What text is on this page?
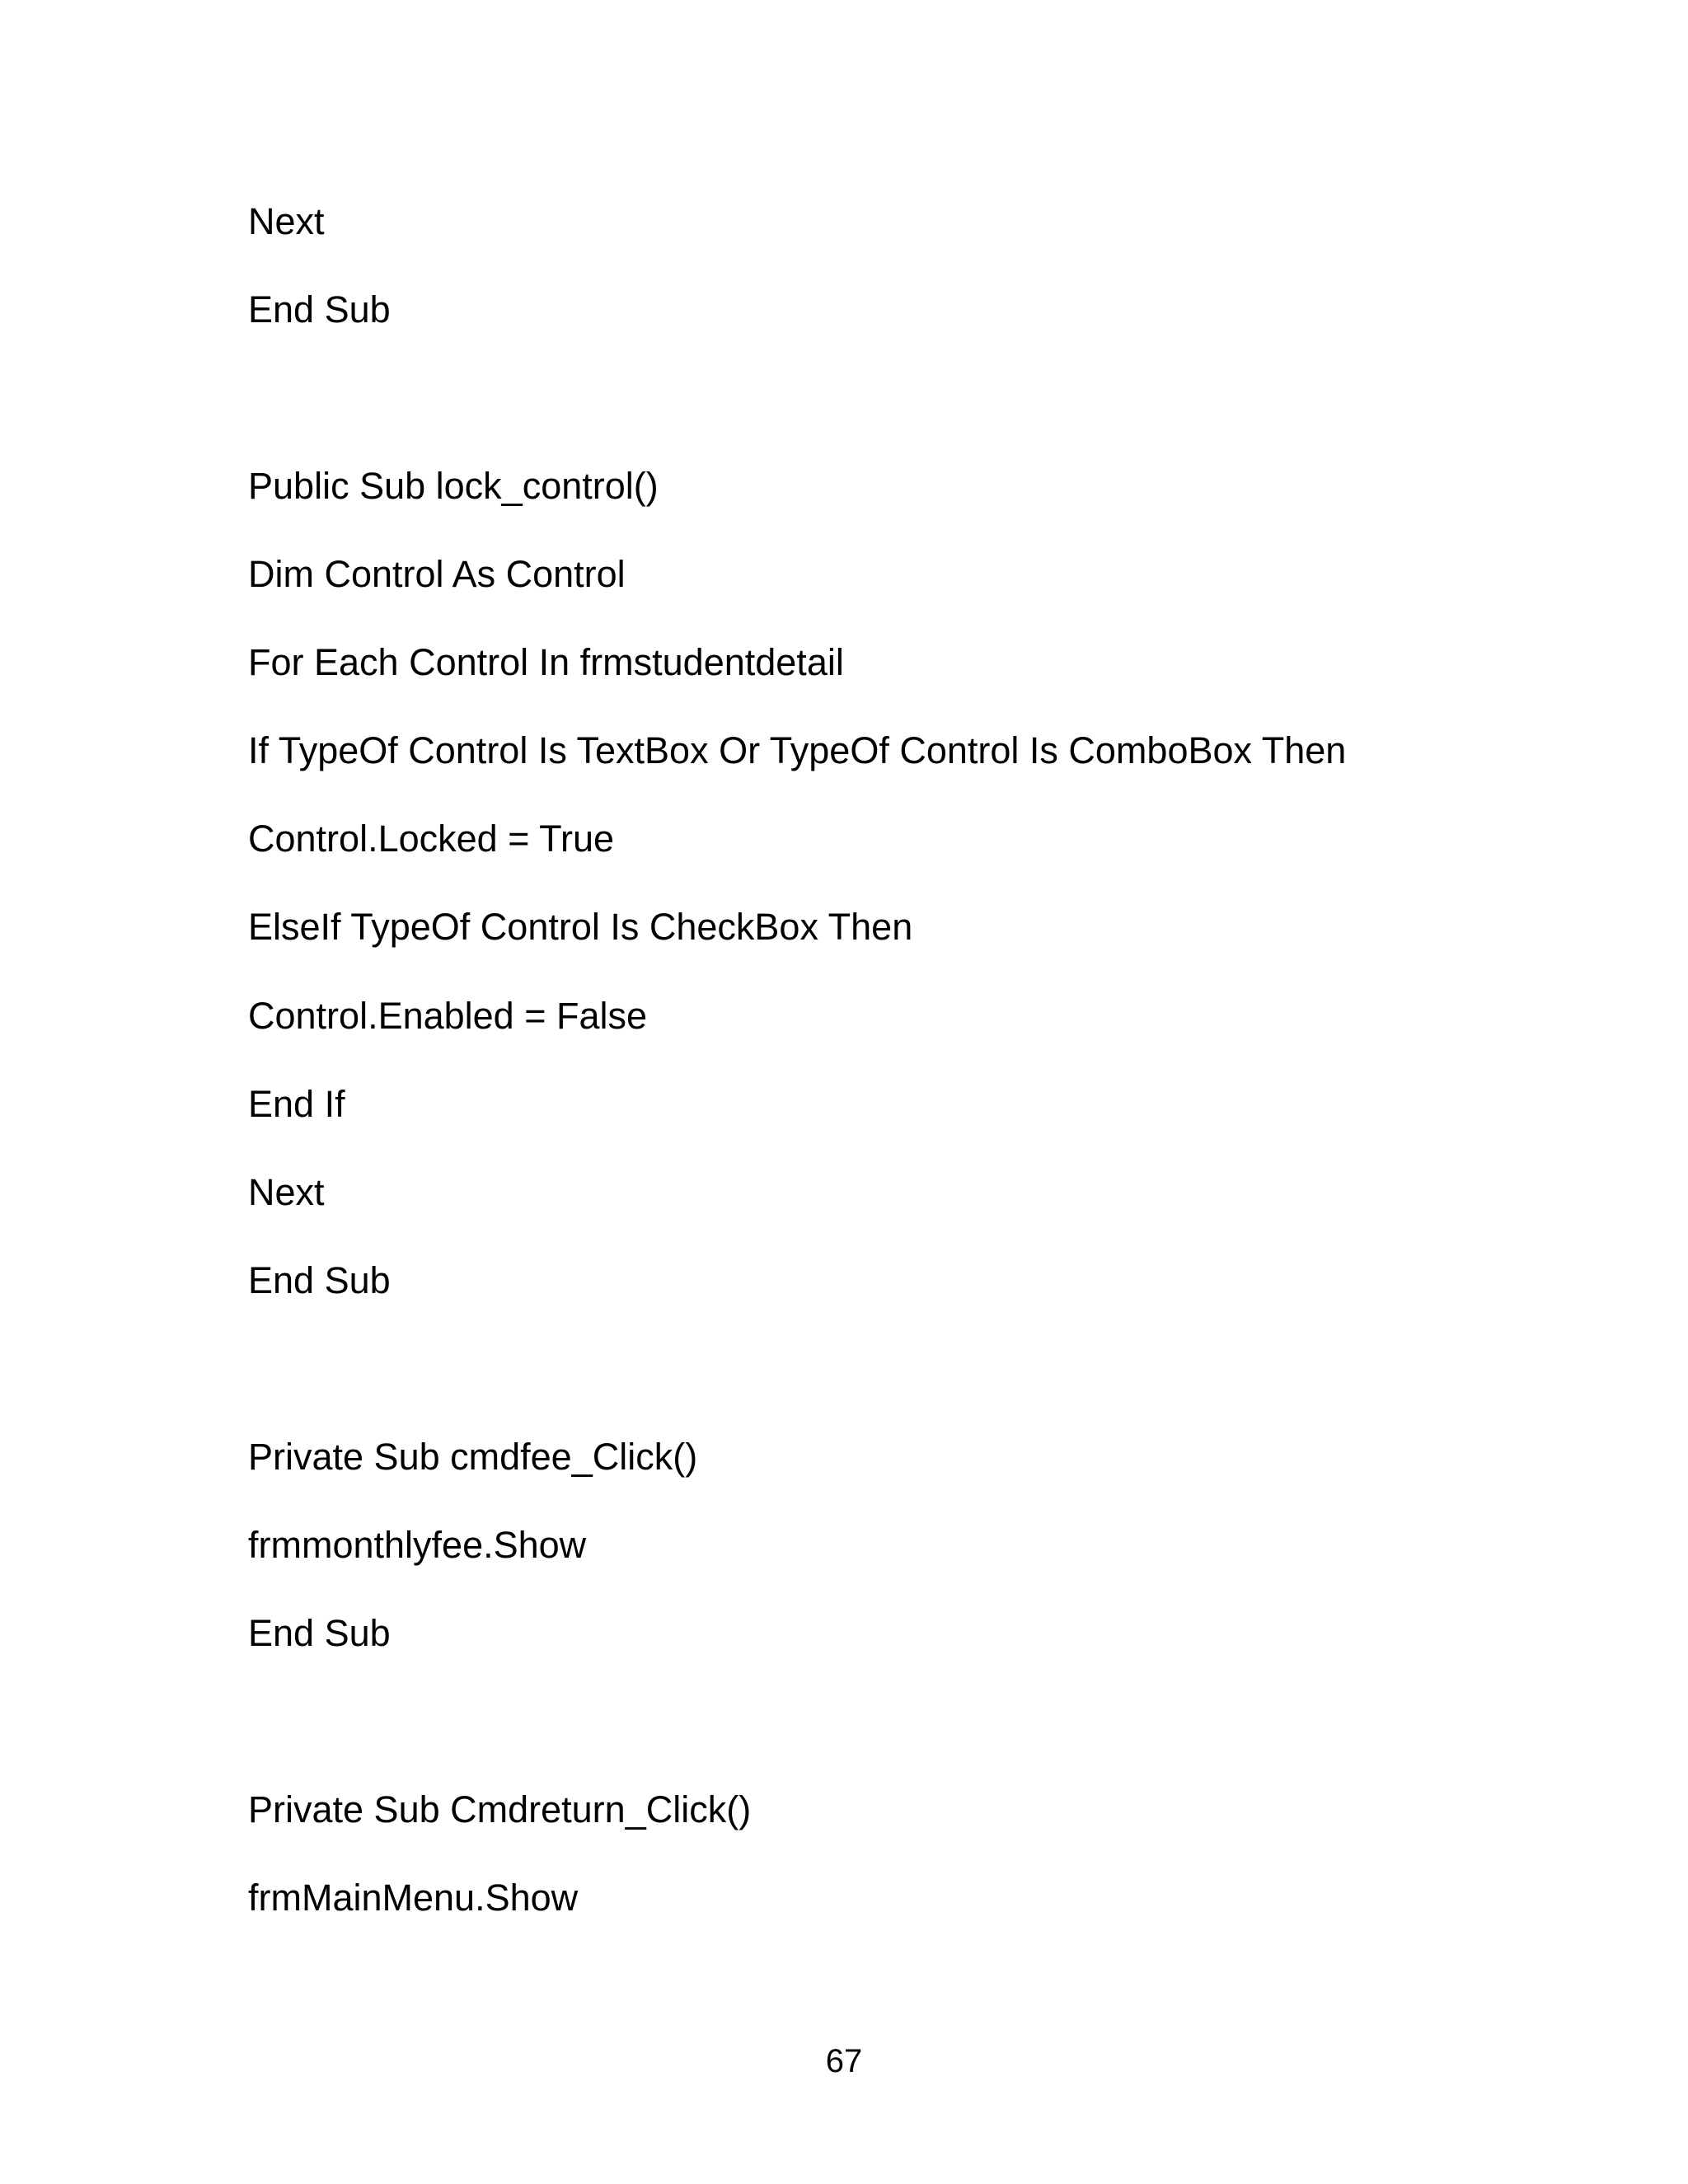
Next
End Sub
Public Sub lock_control()
Dim Control As Control
For Each Control In frmstudentdetail
If TypeOf Control Is TextBox Or TypeOf Control Is ComboBox Then
Control.Locked = True
ElseIf TypeOf Control Is CheckBox Then
Control.Enabled = False
End If
Next
End Sub
Private Sub cmdfee_Click()
frmmonthlyfee.Show
End Sub
Private Sub Cmdreturn_Click()
frmMainMenu.Show
67
